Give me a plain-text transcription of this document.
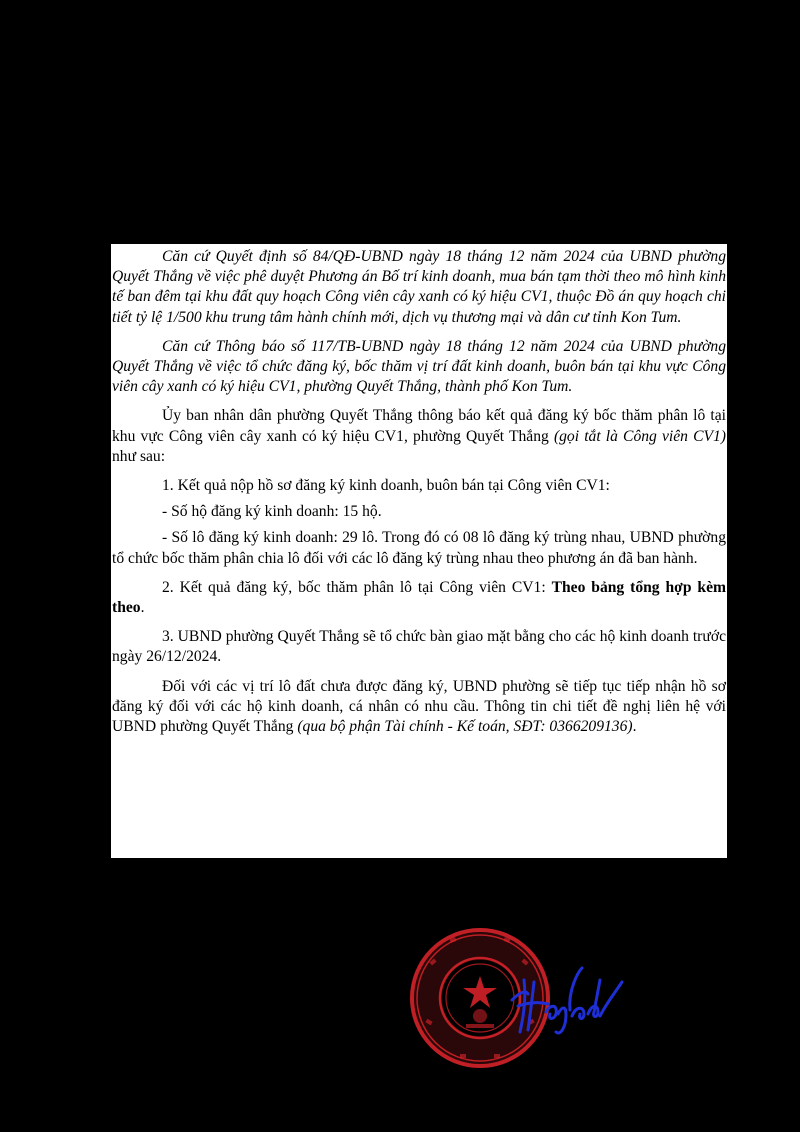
Căn cứ Quyết định số 84/QĐ-UBND ngày 18 tháng 12 năm 2024 của UBND phường Quyết Thắng về việc phê duyệt Phương án Bố trí kinh doanh, mua bán tạm thời theo mô hình kinh tế ban đêm tại khu đất quy hoạch Công viên cây xanh có ký hiệu CV1, thuộc Đồ án quy hoạch chi tiết tỷ lệ 1/500 khu trung tâm hành chính mới, dịch vụ thương mại và dân cư tỉnh Kon Tum.

Căn cứ Thông báo số 117/TB-UBND ngày 18 tháng 12 năm 2024 của UBND phường Quyết Thắng về việc tổ chức đăng ký, bốc thăm vị trí đất kinh doanh, buôn bán tại khu vực Công viên cây xanh có ký hiệu CV1, phường Quyết Thắng, thành phố Kon Tum.

Ủy ban nhân dân phường Quyết Thắng thông báo kết quả đăng ký bốc thăm phân lô tại khu vực Công viên cây xanh có ký hiệu CV1, phường Quyết Thắng (gọi tắt là Công viên CV1) như sau:

1. Kết quả nộp hồ sơ đăng ký kinh doanh, buôn bán tại Công viên CV1:

- Số hộ đăng ký kinh doanh: 15 hộ.

- Số lô đăng ký kinh doanh: 29 lô. Trong đó có 08 lô đăng ký trùng nhau, UBND phường tổ chức bốc thăm phân chia lô đối với các lô đăng ký trùng nhau theo phương án đã ban hành.

2. Kết quả đăng ký, bốc thăm phân lô tại Công viên CV1: Theo bảng tổng hợp kèm theo.

3. UBND phường Quyết Thắng sẽ tổ chức bàn giao mặt bằng cho các hộ kinh doanh trước ngày 26/12/2024.

Đối với các vị trí lô đất chưa được đăng ký, UBND phường sẽ tiếp tục tiếp nhận hồ sơ đăng ký đối với các hộ kinh doanh, cá nhân có nhu cầu. Thông tin chi tiết đề nghị liên hệ với UBND phường Quyết Thắng (qua bộ phận Tài chính - Kế toán, SĐT: 0366209136).
